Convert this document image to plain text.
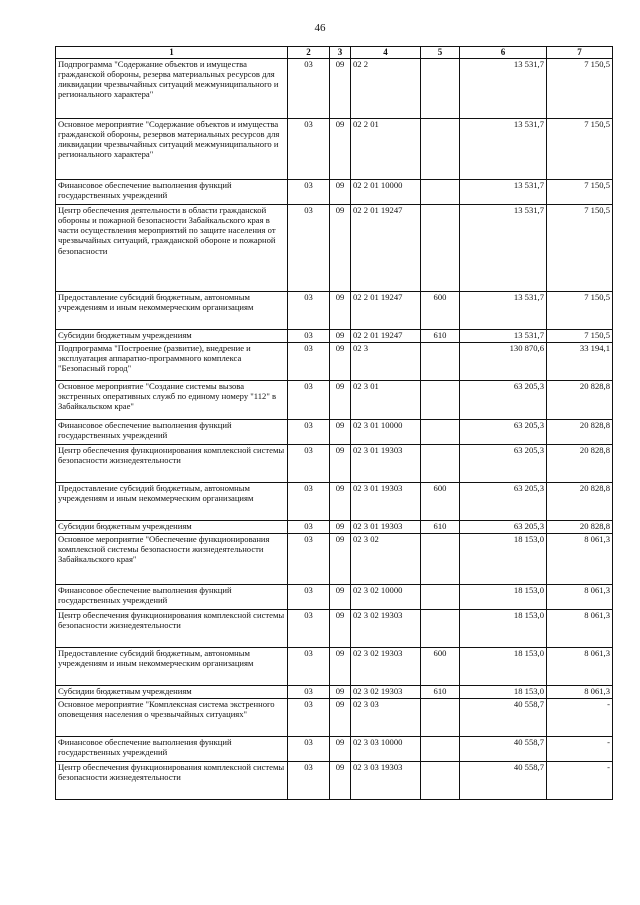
46
1	2	3	4	5	6	7
Подпрограмма "Содержание объектов и имущества гражданской обороны, резерва материальных ресурсов для ликвидации чрезвычайных ситуаций межмуниципального и регионального характера"	03	09	02 2		13 531,7	7 150,5
Основное мероприятие "Содержание объектов и имущества гражданской обороны, резервов материальных ресурсов для ликвидации чрезвычайных ситуаций межмуниципального и регионального характера"	03	09	02 2 01		13 531,7	7 150,5
Финансовое обеспечение выполнения функций государственных учреждений	03	09	02 2 01 10000		13 531,7	7 150,5
Центр обеспечения деятельности в области гражданской обороны и пожарной безопасности Забайкальского края в части осуществления мероприятий по защите населения от чрезвычайных ситуаций, гражданской обороне и пожарной безопасности	03	09	02 2 01 19247		13 531,7	7 150,5
Предоставление субсидий бюджетным, автономным учреждениям и иным некоммерческим организациям	03	09	02 2 01 19247	600	13 531,7	7 150,5
Субсидии бюджетным учреждениям	03	09	02 2 01 19247	610	13 531,7	7 150,5
Подпрограмма "Построение (развитие), внедрение и эксплуатация аппаратно-программного комплекса "Безопасный город"	03	09	02 3		130 870,6	33 194,1
Основное мероприятие "Создание системы вызова экстренных оперативных служб по единому номеру "112" в Забайкальском крае"	03	09	02 3 01		63 205,3	20 828,8
Финансовое обеспечение выполнения функций государственных учреждений	03	09	02 3 01 10000		63 205,3	20 828,8
Центр обеспечения функционирования комплексной системы безопасности жизнедеятельности	03	09	02 3 01 19303		63 205,3	20 828,8
Предоставление субсидий бюджетным, автономным учреждениям и иным некоммерческим организациям	03	09	02 3 01 19303	600	63 205,3	20 828,8
Субсидии бюджетным учреждениям	03	09	02 3 01 19303	610	63 205,3	20 828,8
Основное мероприятие "Обеспечение функционирования комплексной системы безопасности жизнедеятельности Забайкальского края"	03	09	02 3 02		18 153,0	8 061,3
Финансовое обеспечение выполнения функций государственных учреждений	03	09	02 3 02 10000		18 153,0	8 061,3
Центр обеспечения функционирования комплексной системы безопасности жизнедеятельности	03	09	02 3 02 19303		18 153,0	8 061,3
Предоставление субсидий бюджетным, автономным учреждениям и иным некоммерческим организациям	03	09	02 3 02 19303	600	18 153,0	8 061,3
Субсидии бюджетным учреждениям	03	09	02 3 02 19303	610	18 153,0	8 061,3
Основное мероприятие "Комплексная система экстренного оповещения населения о чрезвычайных ситуациях"	03	09	02 3 03		40 558,7	-
Финансовое обеспечение выполнения функций государственных учреждений	03	09	02 3 03 10000		40 558,7	-
Центр обеспечения функционирования комплексной системы безопасности жизнедеятельности	03	09	02 3 03 19303		40 558,7	-
